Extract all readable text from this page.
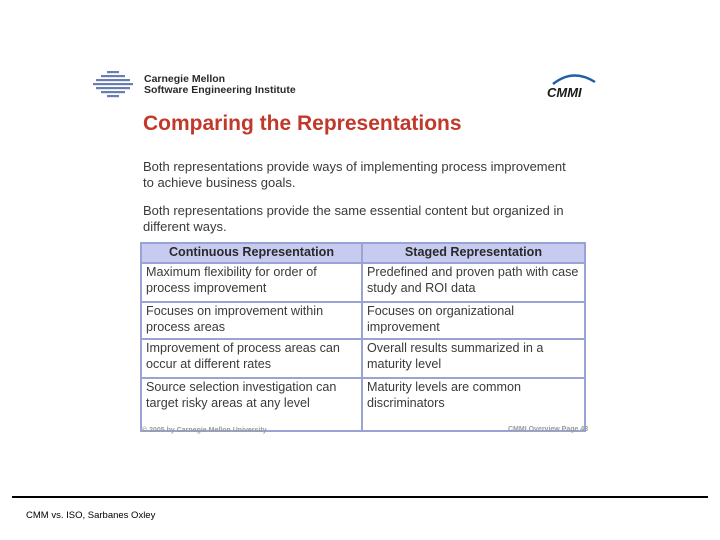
Carnegie Mellon
Software Engineering Institute	CMMI
Comparing the Representations
Both representations provide ways of implementing process improvement to achieve business goals.
Both representations provide the same essential content but organized in different ways.
Continuous Representation	Staged Representation
Maximum flexibility for order of process improvement	Predefined and proven path with case study and ROI data
Focuses on improvement within process areas	Focuses on organizational improvement
Improvement of process areas can occur at different rates	Overall results summarized in a maturity level
Source selection investigation can target risky areas at any level	Maturity levels are common discriminators
© 2005 by Carnegie Mellon University	CMMI Overview Page 43
CMM vs. ISO, Sarbanes Oxley
